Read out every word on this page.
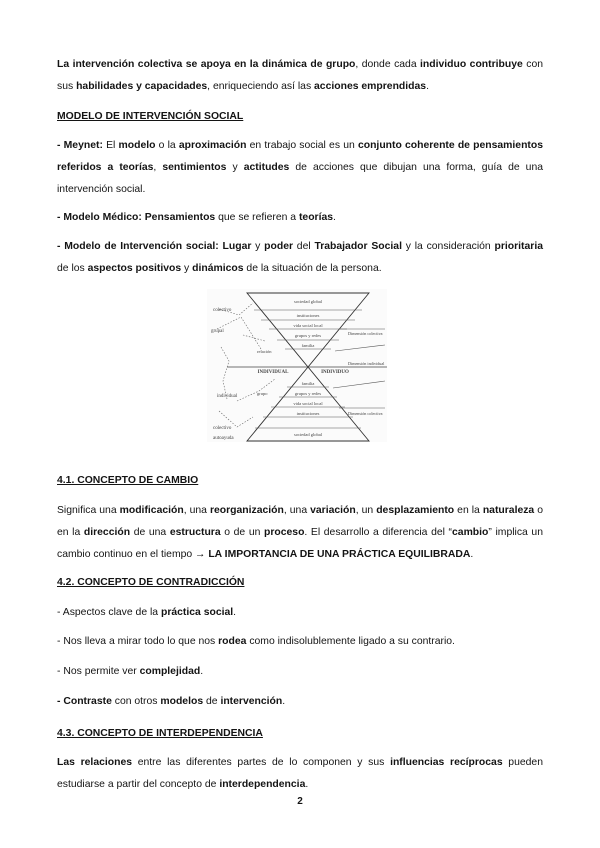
La intervención colectiva se apoya en la dinámica de grupo, donde cada individuo contribuye con sus habilidades y capacidades, enriqueciendo así las acciones emprendidas.

MODELO DE INTERVENCIÓN SOCIAL

- Meynet: El modelo o la aproximación en trabajo social es un conjunto coherente de pensamientos referidos a teorías, sentimientos y actitudes de acciones que dibujan una forma, guía de una intervención social.

- Modelo Médico: Pensamientos que se refieren a teorías.

- Modelo de Intervención social: Lugar y poder del Trabajador Social y la consideración prioritaria de los aspectos positivos y dinámicos de la situación de la persona.

colectivo
grupal
relación
individual
grupo
colectivo
autoayuda
sociedad global
instituciones
vida social local
grupos y redes
familia
INDIVIDUAL	INDIVIDUO
familia
grupos y redes
vida social local
instituciones
sociedad global
Dimensión colectiva
Dimensión individual
Dimensión colectiva

4.1. CONCEPTO DE CAMBIO

Significa una modificación, una reorganización, una variación, un desplazamiento en la naturaleza o en la dirección de una estructura o de un proceso. El desarrollo a diferencia del “cambio” implica un cambio continuo en el tiempo → LA IMPORTANCIA DE UNA PRÁCTICA EQUILIBRADA.

4.2. CONCEPTO DE CONTRADICCIÓN

- Aspectos clave de la práctica social.

- Nos lleva a mirar todo lo que nos rodea como indisolublemente ligado a su contrario.

- Nos permite ver complejidad.

- Contraste con otros modelos de intervención.

4.3. CONCEPTO DE INTERDEPENDENCIA

Las relaciones entre las diferentes partes de lo componen y sus influencias recíprocas pueden estudiarse a partir del concepto de interdependencia.

2
